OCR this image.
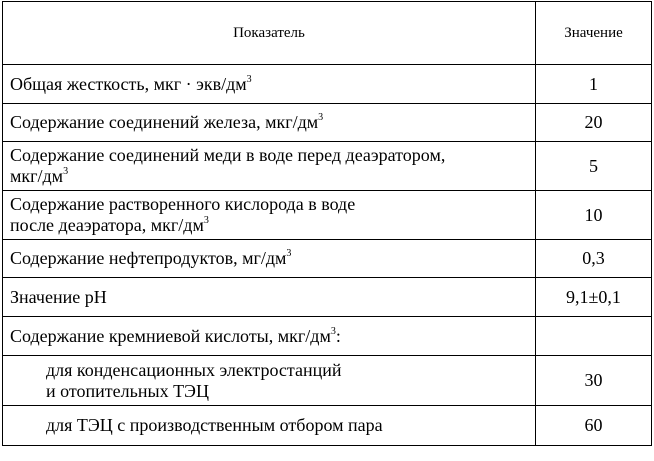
Показатель	Значение
Общая жесткость, мкг · экв/$дм^3$	1
Содержание соединений железа, мкг/$дм^3$	20

Содержание соединений меди в воде перед деаэратором,
мкг/$дм^3$	5

Содержание растворенного кислорода в воде
после деаэратора, мкг/$дм^3$	10
Содержание нефтепродуктов, $мг/дм^3$	0,3
Значение pН	9,1±0,1
Содержание кремниевой кислоты, мкг/$дм^3$:	

для конденсационных электростанций
и отопительных ТЭЦ	30
для ТЭЦ с производственным отбором пара	60
